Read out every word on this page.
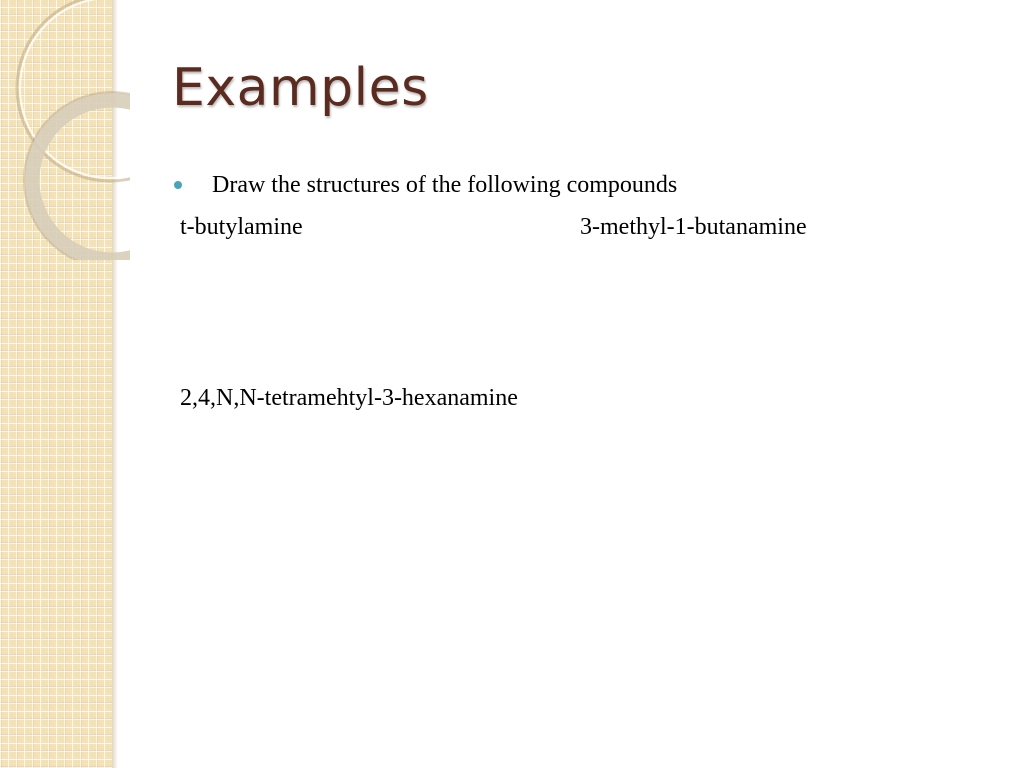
Examples
Draw the structures of the following compounds

t-butylamine	3-methyl-1-butanamine

2,4,N,N-tetramehtyl-3-hexanamine
